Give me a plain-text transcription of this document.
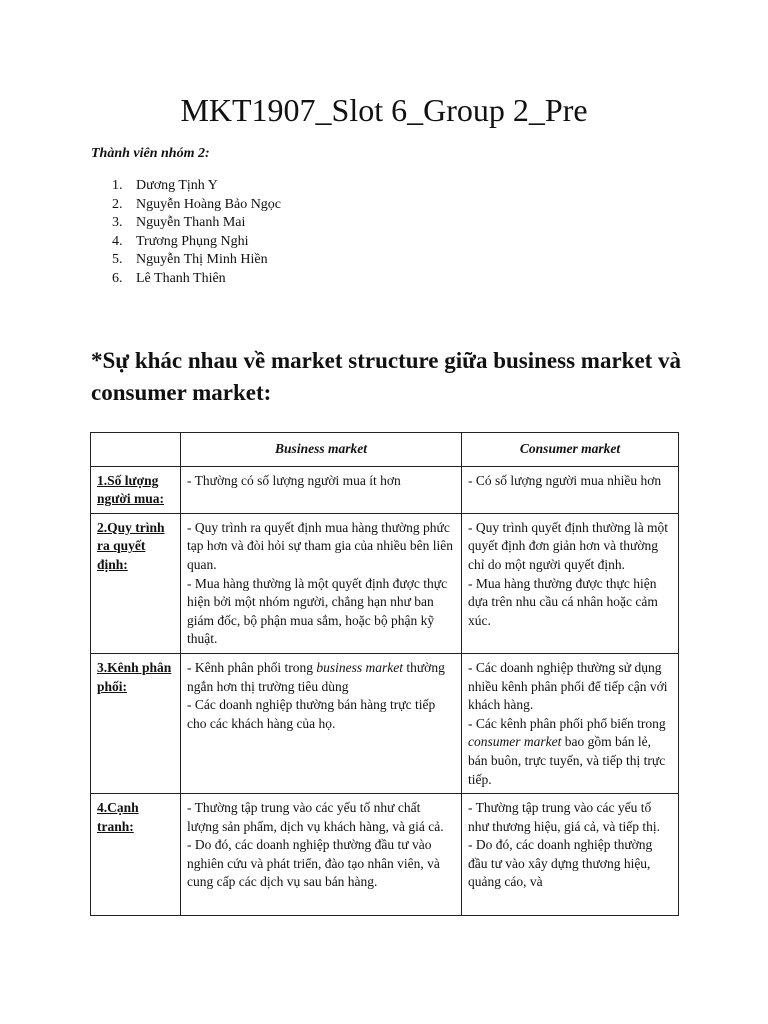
MKT1907_Slot 6_Group 2_Pre

Thành viên nhóm 2:

1. Dương Tịnh Y
2. Nguyễn Hoàng Bảo Ngọc
3. Nguyễn Thanh Mai
4. Trương Phụng Nghi
5. Nguyễn Thị Minh Hiền
6. Lê Thanh Thiên
*Sự khác nhau về market structure giữa business market và consumer market:
	Business market	Consumer market
1.Số lượng người mua:	- Thường có số lượng người mua ít hơn	- Có số lượng người mua nhiều hơn

2.Quy trình ra quyết định:	- Quy trình ra quyết định mua hàng thường phức tạp hơn và đòi hỏi sự tham gia của nhiều bên liên quan.
- Mua hàng thường là một quyết định được thực hiện bởi một nhóm người, chẳng hạn như ban giám đốc, bộ phận mua sắm, hoặc bộ phận kỹ thuật.	- Quy trình quyết định thường là một quyết định đơn giản hơn và thường chỉ do một người quyết định.
- Mua hàng thường được thực hiện dựa trên nhu cầu cá nhân hoặc cảm xúc.

3.Kênh phân phối:	- Kênh phân phối trong business market thường ngắn hơn thị trường tiêu dùng
- Các doanh nghiệp thường bán hàng trực tiếp cho các khách hàng của họ.	- Các doanh nghiệp thường sử dụng nhiều kênh phân phối để tiếp cận với khách hàng.
- Các kênh phân phối phổ biến trong consumer market bao gồm bán lẻ, bán buôn, trực tuyến, và tiếp thị trực tiếp.

4.Cạnh tranh:	- Thường tập trung vào các yếu tố như chất lượng sản phẩm, dịch vụ khách hàng, và giá cả.
- Do đó, các doanh nghiệp thường đầu tư vào nghiên cứu và phát triển, đào tạo nhân viên, và cung cấp các dịch vụ sau bán hàng.	- Thường tập trung vào các yếu tố như thương hiệu, giá cả, và tiếp thị.
- Do đó, các doanh nghiệp thường đầu tư vào xây dựng thương hiệu, quảng cáo, và
